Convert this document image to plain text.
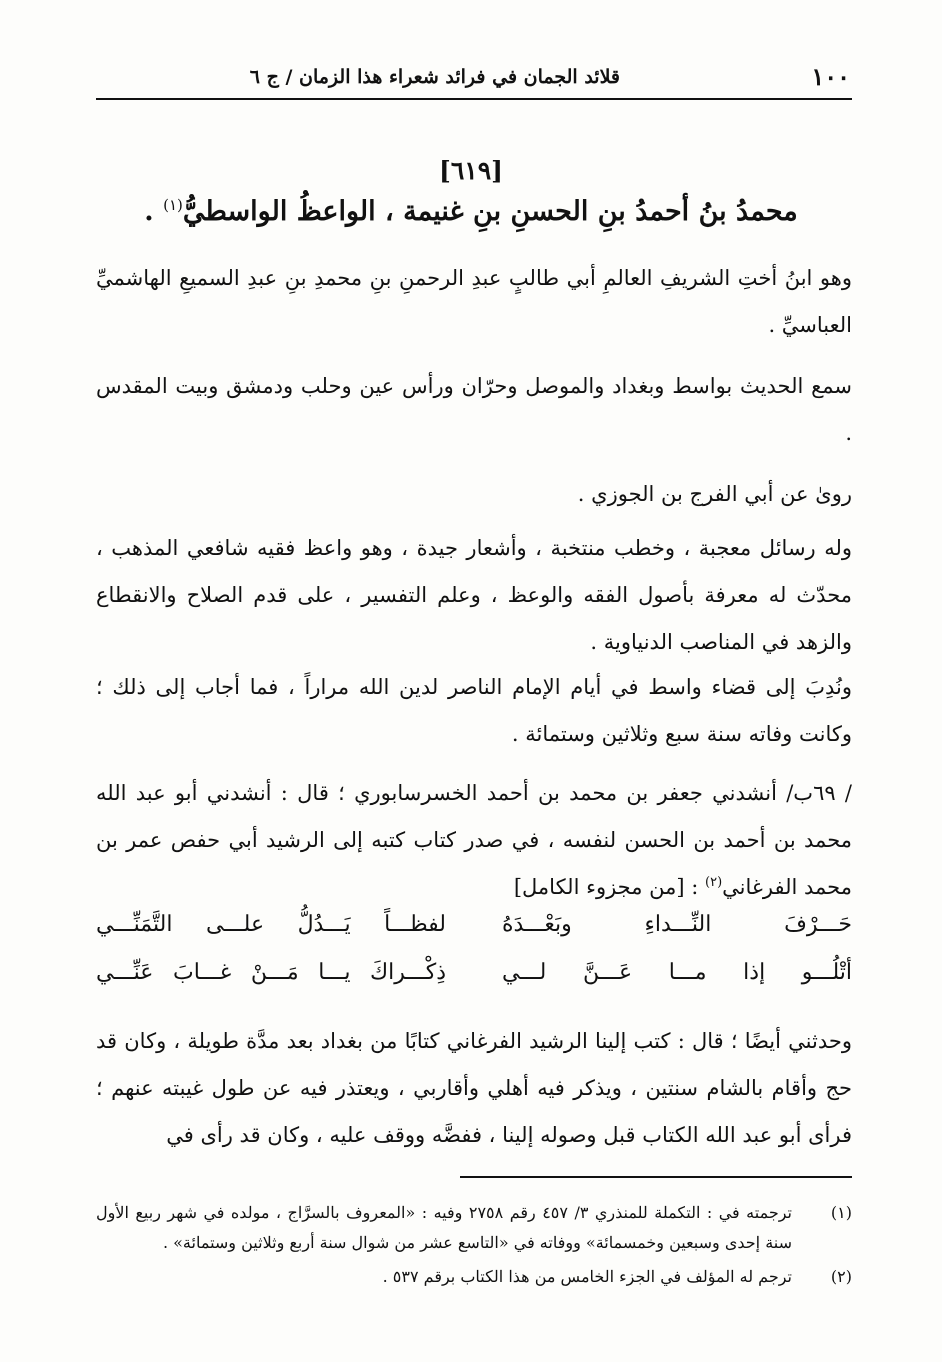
١٠٠
قلائد الجمان في فرائد شعراء هذا الزمان / ج ٦
[٦١٩]
محمدُ بنُ أحمدُ بنِ الحسنِ بنِ غنيمة ، الواعظُ الواسطيُّ$^{(١)}$ .

وهو ابنُ أختِ الشريفِ العالمِ أبي طالبٍ عبدِ الرحمنِ بنِ محمدِ بنِ عبدِ السميعِ الهاشميِّ العباسيِّ .

سمع الحديث بواسط وبغداد والموصل وحرّان ورأس عين وحلب ودمشق وبيت المقدس .

روىٰ عن أبي الفرج بن الجوزي .

وله رسائل معجبة ، وخطب منتخبة ، وأشعار جيدة ، وهو واعظ فقيه شافعي المذهب ، محدّث له معرفة بأصول الفقه والوعظ ، وعلم التفسير ، على قدم الصلاح والانقطاع والزهد في المناصب الدنياوية .

ونُدِبَ إلى قضاء واسط في أيام الإمام الناصر لدين الله مراراً ، فما أجاب إلى ذلك ؛ وكانت وفاته سنة سبع وثلاثين وستمائة .

/ ٦٩ب/ أنشدني جعفر بن محمد بن أحمد الخسرسابوري ؛ قال : أنشدني أبو عبد الله محمد بن أحمد بن الحسن لنفسه ، في صدر كتاب كتبه إلى الرشيد أبي حفص عمر بن محمد الفرغاني$^{(٢)}$ : [من مجزوء الكامل]

حَـــرْفَ النِّـــداءِ وبَعْـــدَهُ
لفظـــاً يَـــدُلُّ علـــى التَّمَنِّـــي
أتْلُـــو إذا مـــا عَـــنَّ لـــي
ذِكْـــراكَ يـــا مَـــنْ غـــابَ عَنِّـــي

وحدثني أيضًا ؛ قال : كتب إلينا الرشيد الفرغاني كتابًا من بغداد بعد مدَّة طويلة ، وكان قد حج وأقام بالشام سنتين ، ويذكر فيه أهلي وأقاربي ، ويعتذر فيه عن طول غيبته عنهم ؛ فرأى أبو عبد الله الكتاب قبل وصوله إلينا ، ففضَّه ووقف عليه ، وكان قد رأى في

(١)
ترجمته في : التكملة للمنذري ٣/ ٤٥٧ رقم ٢٧٥٨ وفيه : «المعروف بالسرَّاج ، مولده في شهر ربيع الأول سنة إحدى وسبعين وخمسمائة» ووفاته في «التاسع عشر من شوال سنة أربع وثلاثين وستمائة» .
(٢)
ترجم له المؤلف في الجزء الخامس من هذا الكتاب برقم ٥٣٧ .
